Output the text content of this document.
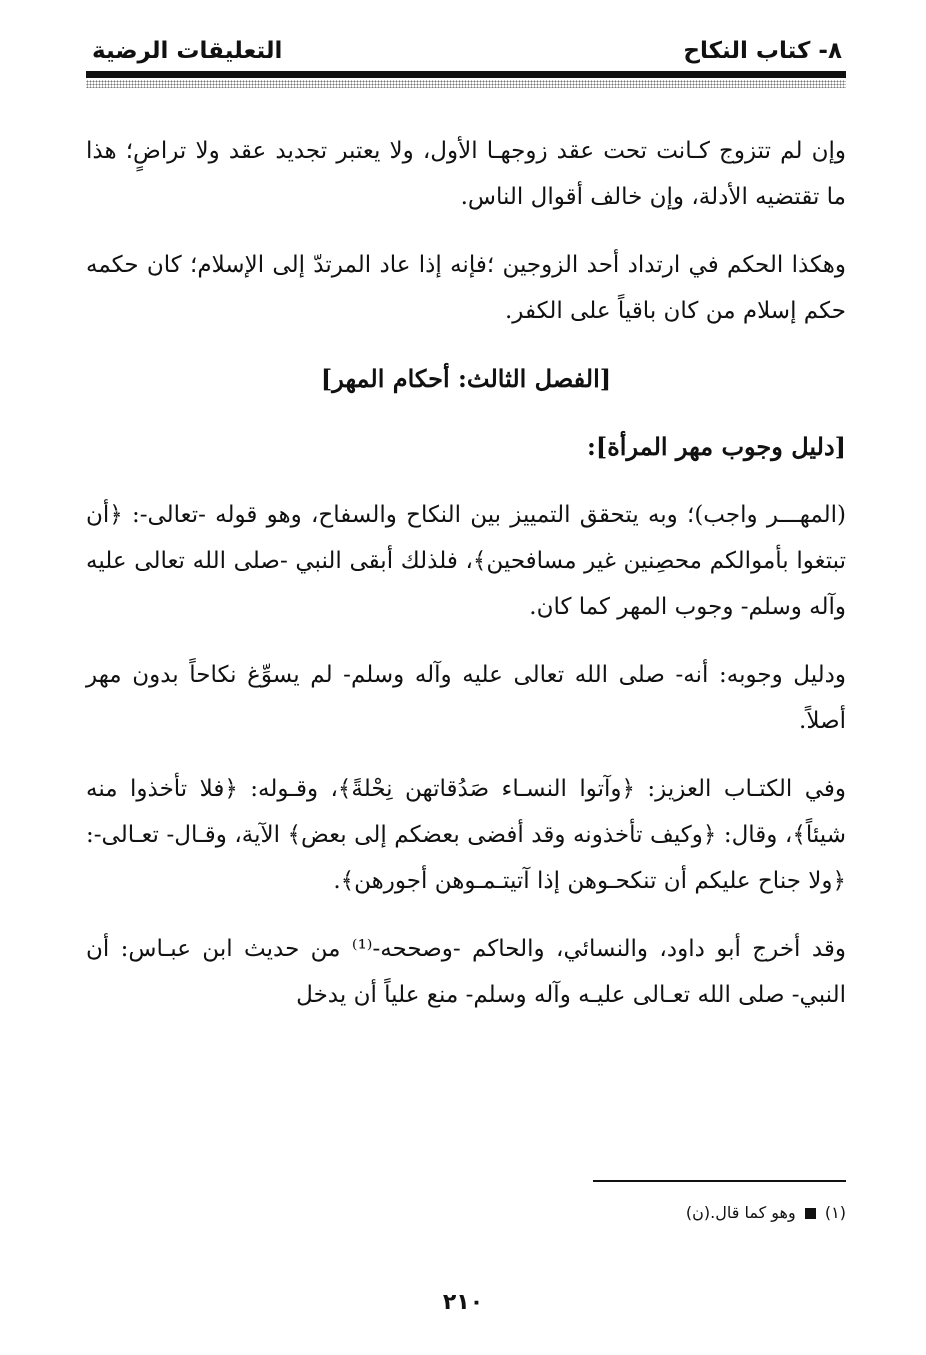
٨- كتاب النكاح
التعليقات الرضية

وإن لم تتزوج كـانت تحت عقد زوجهـا الأول، ولا يعتبر تجديد عقد ولا تراضٍ؛ هذا ما تقتضيه الأدلة، وإن خالف أقوال الناس.

وهكذا الحكم في ارتداد أحد الزوجين ؛فإنه إذا عاد المرتدّ إلى الإسلام؛ كان حكمه حكم إسلام من كان باقياً على الكفر.

[الفصل الثالث: أحكام المهر]

[دليل وجوب مهر المرأة]:

(المهـــر واجب)؛ وبه يتحقق التمييز بين النكاح والسفاح، وهو قوله -تعالى-: ﴿أن تبتغوا بأموالكم محصِنين غير مسافحين﴾، فلذلك أبقى النبي -صلى الله تعالى عليه وآله وسلم- وجوب المهر كما كان.

ودليل وجوبه: أنه- صلى الله تعالى عليه وآله وسلم- لم يسوِّغ نكاحاً بدون مهر أصلاً.

وفي الكتـاب العزيز: ﴿وآتوا النسـاء صَدُقاتهن نِحْلةً﴾، وقـوله: ﴿فلا تأخذوا منه شيئاً﴾، وقال: ﴿وكيف تأخذونه وقد أفضى بعضكم إلى بعض﴾ الآية، وقـال- تعـالى-: ﴿ولا جناح عليكم أن تنكحـوهن إذا آتيتـمـوهن أجورهن﴾.

وقد أخرج أبو داود، والنسائي، والحاكم -وصححه-⁽¹⁾ من حديث ابن عبـاس: أن النبي- صلى الله تعـالى عليـه وآله وسلم- منع علياً أن يدخل

(١)  وهو كما قال.(ن)
٢١٠
